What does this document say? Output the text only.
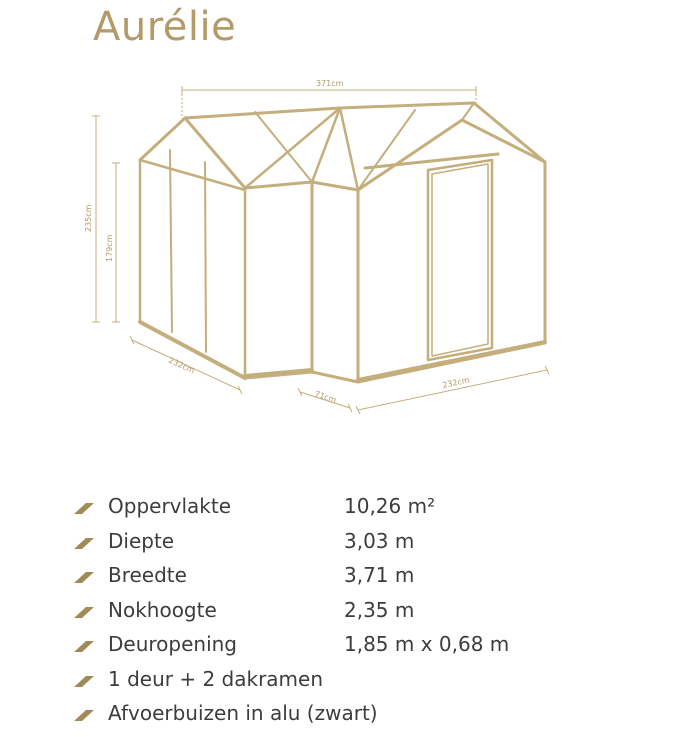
Aurélie
371cm
235cm
179cm
232cm
71cm
232cm
Oppervlakte	10,26 m²
Diepte	3,03 m
Breedte	3,71 m
Nokhoogte	2,35 m
Deuropening	1,85 m x 0,68 m
1 deur + 2 dakramen
Afvoerbuizen in alu (zwart)
